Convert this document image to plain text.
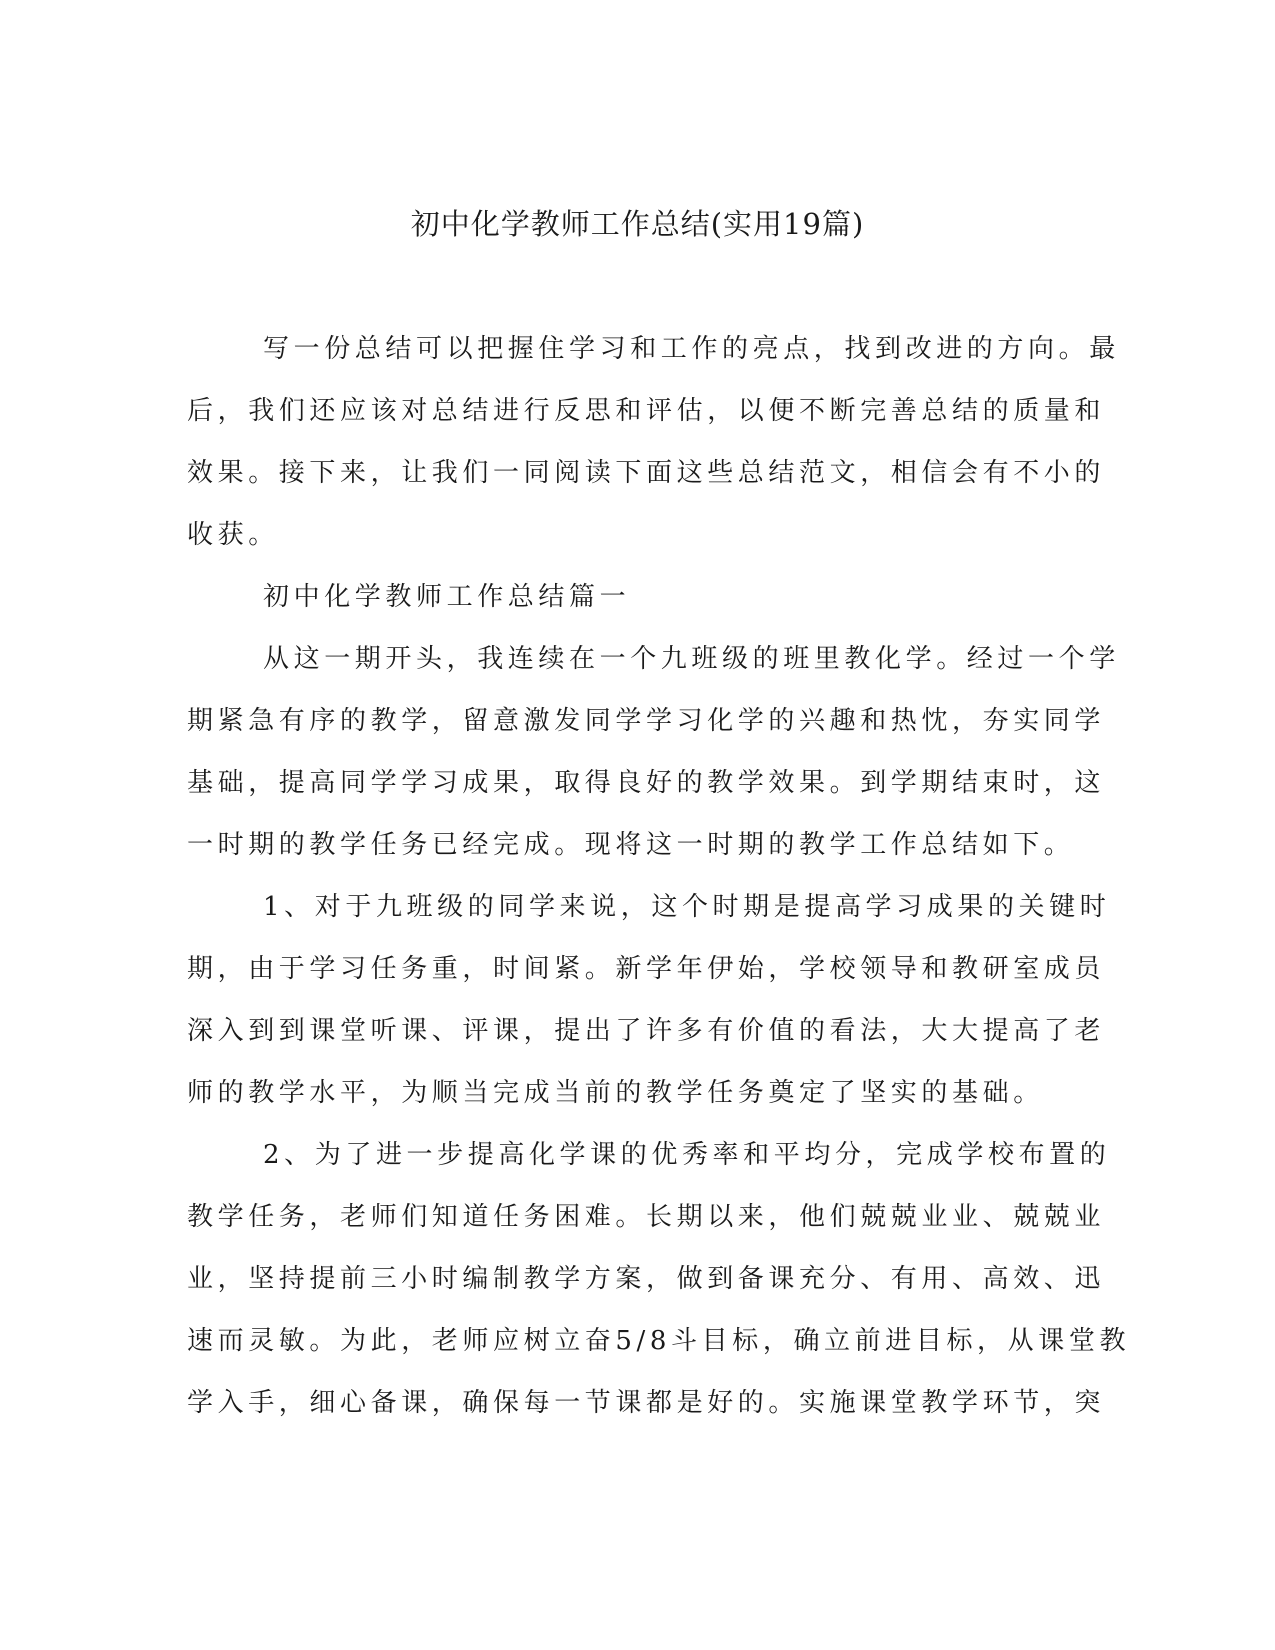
初中化学教师工作总结(实用19篇)
写一份总结可以把握住学习和工作的亮点，找到改进的方向。最
后，我们还应该对总结进行反思和评估，以便不断完善总结的质量和
效果。接下来，让我们一同阅读下面这些总结范文，相信会有不小的
收获。
初中化学教师工作总结篇一
从这一期开头，我连续在一个九班级的班里教化学。经过一个学
期紧急有序的教学，留意激发同学学习化学的兴趣和热忱，夯实同学
基础，提高同学学习成果，取得良好的教学效果。到学期结束时，这
一时期的教学任务已经完成。现将这一时期的教学工作总结如下。
1、对于九班级的同学来说，这个时期是提高学习成果的关键时
期，由于学习任务重，时间紧。新学年伊始，学校领导和教研室成员
深入到到课堂听课、评课，提出了许多有价值的看法，大大提高了老
师的教学水平，为顺当完成当前的教学任务奠定了坚实的基础。
2、为了进一步提高化学课的优秀率和平均分，完成学校布置的
教学任务，老师们知道任务困难。长期以来，他们兢兢业业、兢兢业
业，坚持提前三小时编制教学方案，做到备课充分、有用、高效、迅
速而灵敏。为此，老师应树立奋5/8斗目标，确立前进目标，从课堂教
学入手，细心备课，确保每一节课都是好的。实施课堂教学环节，突
